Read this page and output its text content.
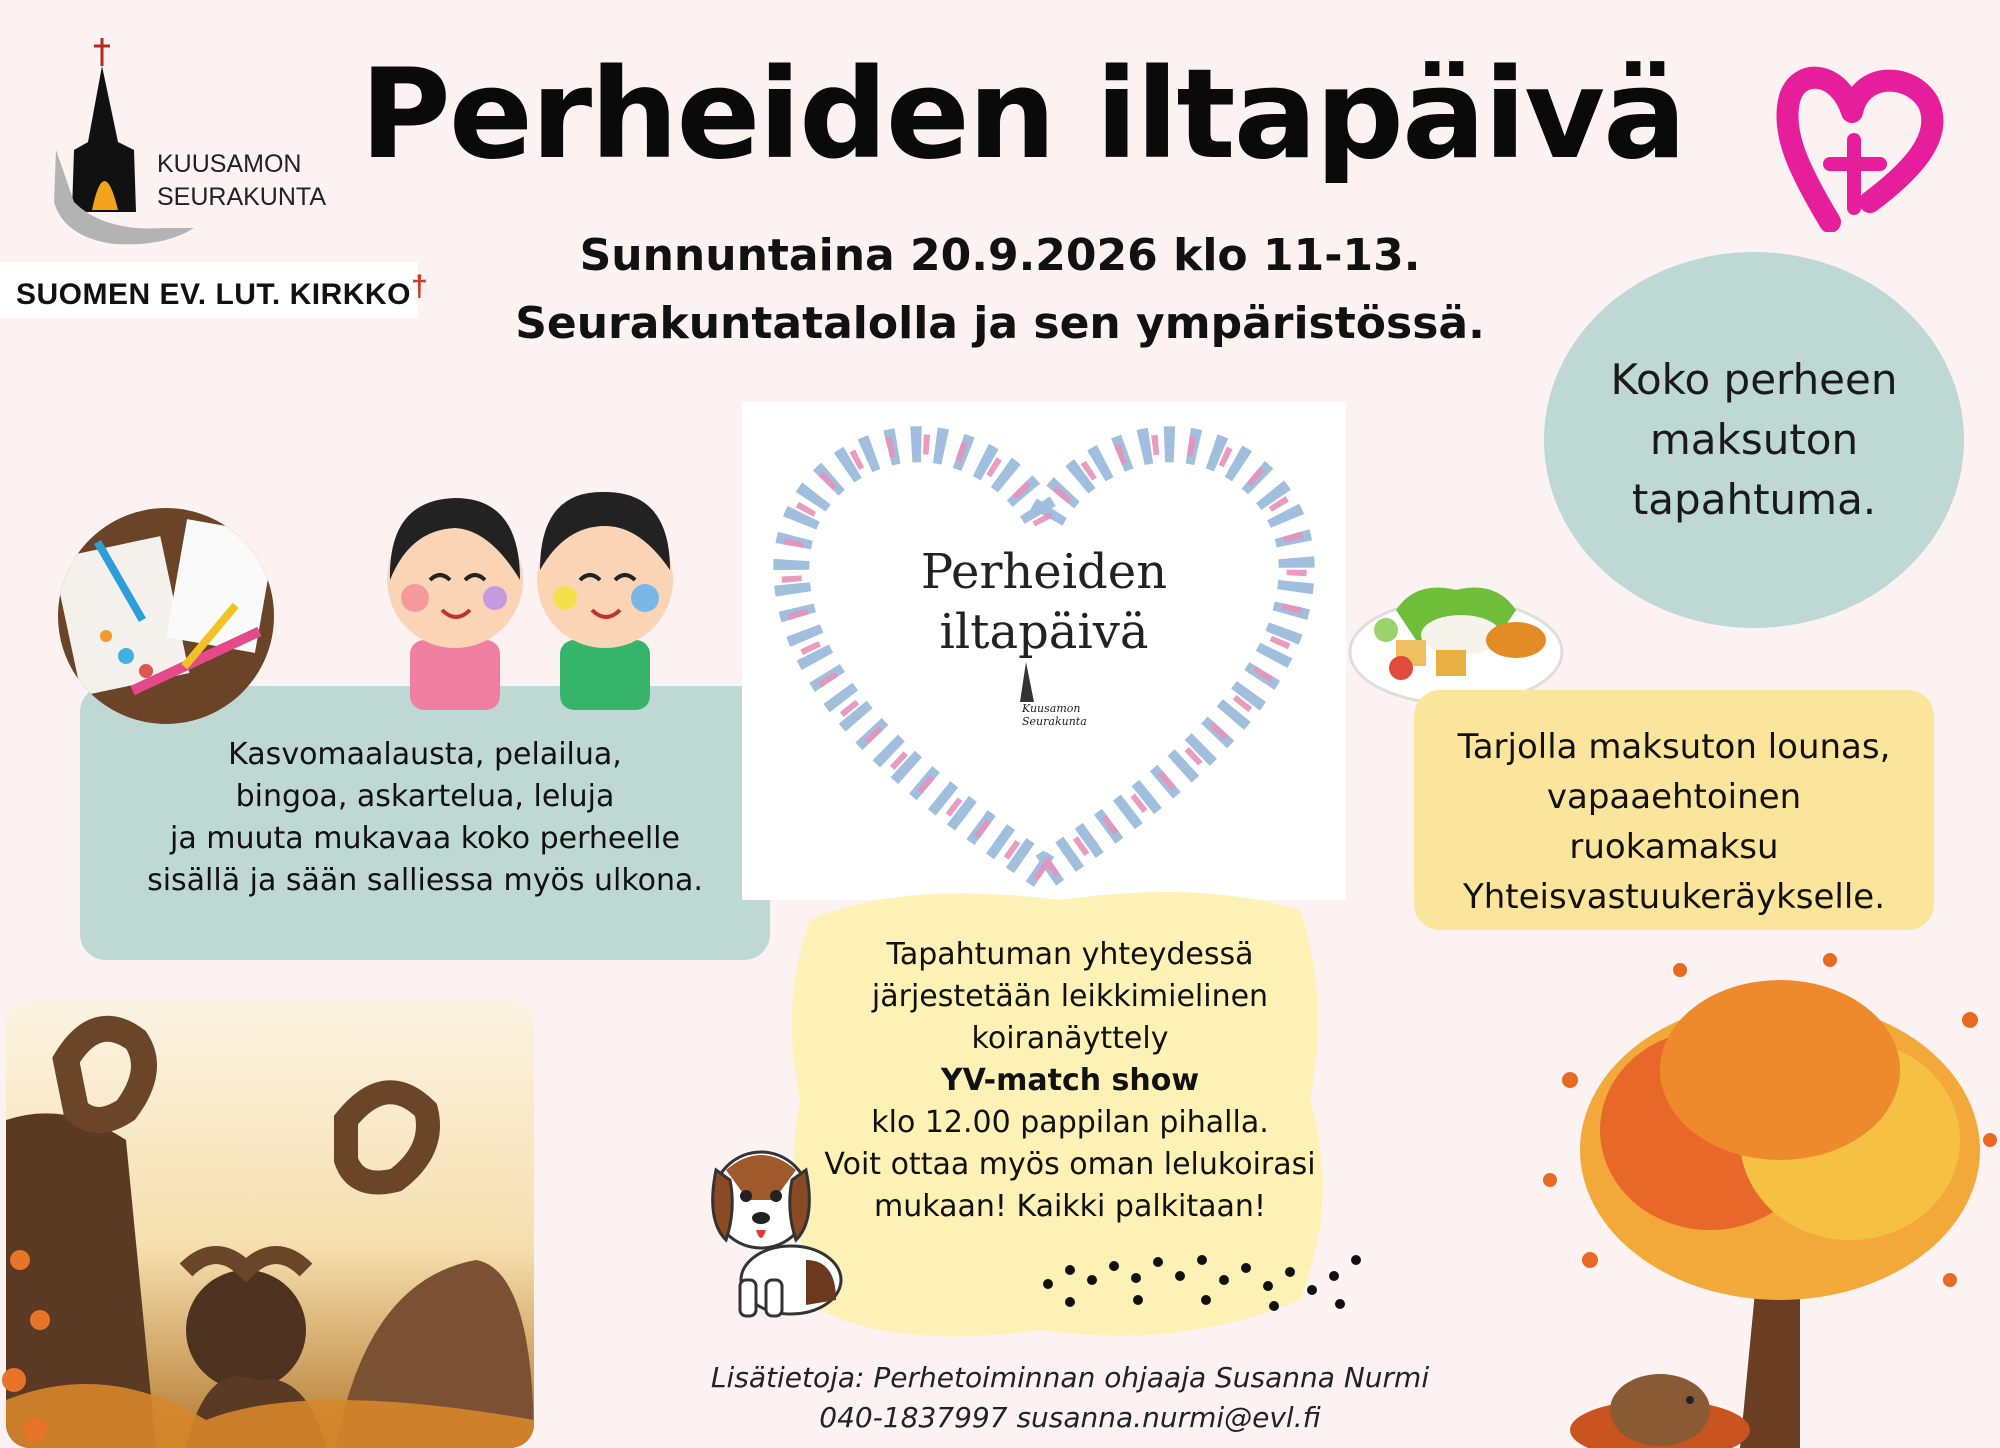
Perheiden iltapäivä
Sunnuntaina 20.9.2026 klo 11-13.
Seurakuntatalolla ja sen ympäristössä.
KUUSAMON
SEURAKUNTA
SUOMEN EV. LUT. KIRKKO†
Koko perheen
maksuton
tapahtuma.
Kasvomaalausta, pelailua,
bingoa, askartelua, leluja
ja muuta mukavaa koko perheelle
sisällä ja sään salliessa myös ulkona.
Perheiden
iltapäivä
Kuusamon
Seurakunta
Tapahtuman yhteydessä
järjestetään leikkimielinen
koiranäyttely
YV-match show
klo 12.00 pappilan pihalla.
Voit ottaa myös oman lelukoirasi
mukaan! Kaikki palkitaan!
Tarjolla maksuton lounas,
vapaaehtoinen
ruokamaksu
Yhteisvastuukeräykselle.
Lisätietoja: Perhetoiminnan ohjaaja Susanna Nurmi
040-1837997 susanna.nurmi@evl.fi
